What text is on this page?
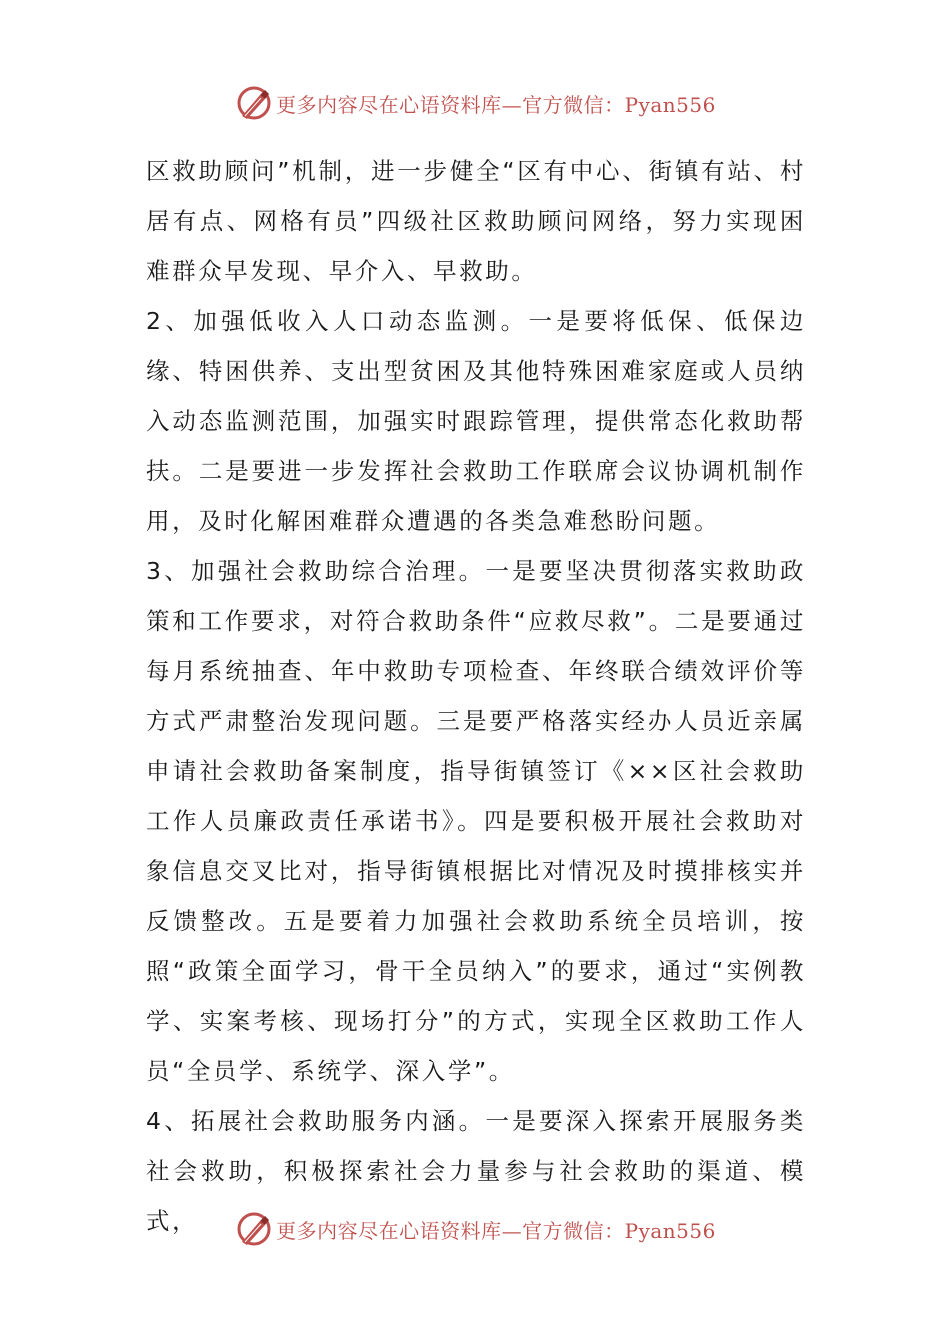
更多内容尽在心语资料库—官方微信：Pyan556

区救助顾问”机制，进一步健全“区有中心、街镇有站、村居有点、网格有员”四级社区救助顾问网络，努力实现困难群众早发现、早介入、早救助。

2、加强低收入人口动态监测。一是要将低保、低保边缘、特困供养、支出型贫困及其他特殊困难家庭或人员纳入动态监测范围，加强实时跟踪管理，提供常态化救助帮扶。二是要进一步发挥社会救助工作联席会议协调机制作用，及时化解困难群众遭遇的各类急难愁盼问题。

3、加强社会救助综合治理。一是要坚决贯彻落实救助政策和工作要求，对符合救助条件“应救尽救”。二是要通过每月系统抽查、年中救助专项检查、年终联合绩效评价等方式严肃整治发现问题。三是要严格落实经办人员近亲属申请社会救助备案制度，指导街镇签订《××区社会救助工作人员廉政责任承诺书》。四是要积极开展社会救助对象信息交叉比对，指导街镇根据比对情况及时摸排核实并反馈整改。五是要着力加强社会救助系统全员培训，按照“政策全面学习，骨干全员纳入”的要求，通过“实例教学、实案考核、现场打分”的方式，实现全区救助工作人员“全员学、系统学、深入学”。

4、拓展社会救助服务内涵。一是要深入探索开展服务类社会救助，积极探索社会力量参与社会救助的渠道、模式，	更多内容尽在心语资料库—官方微信：Pyan556
